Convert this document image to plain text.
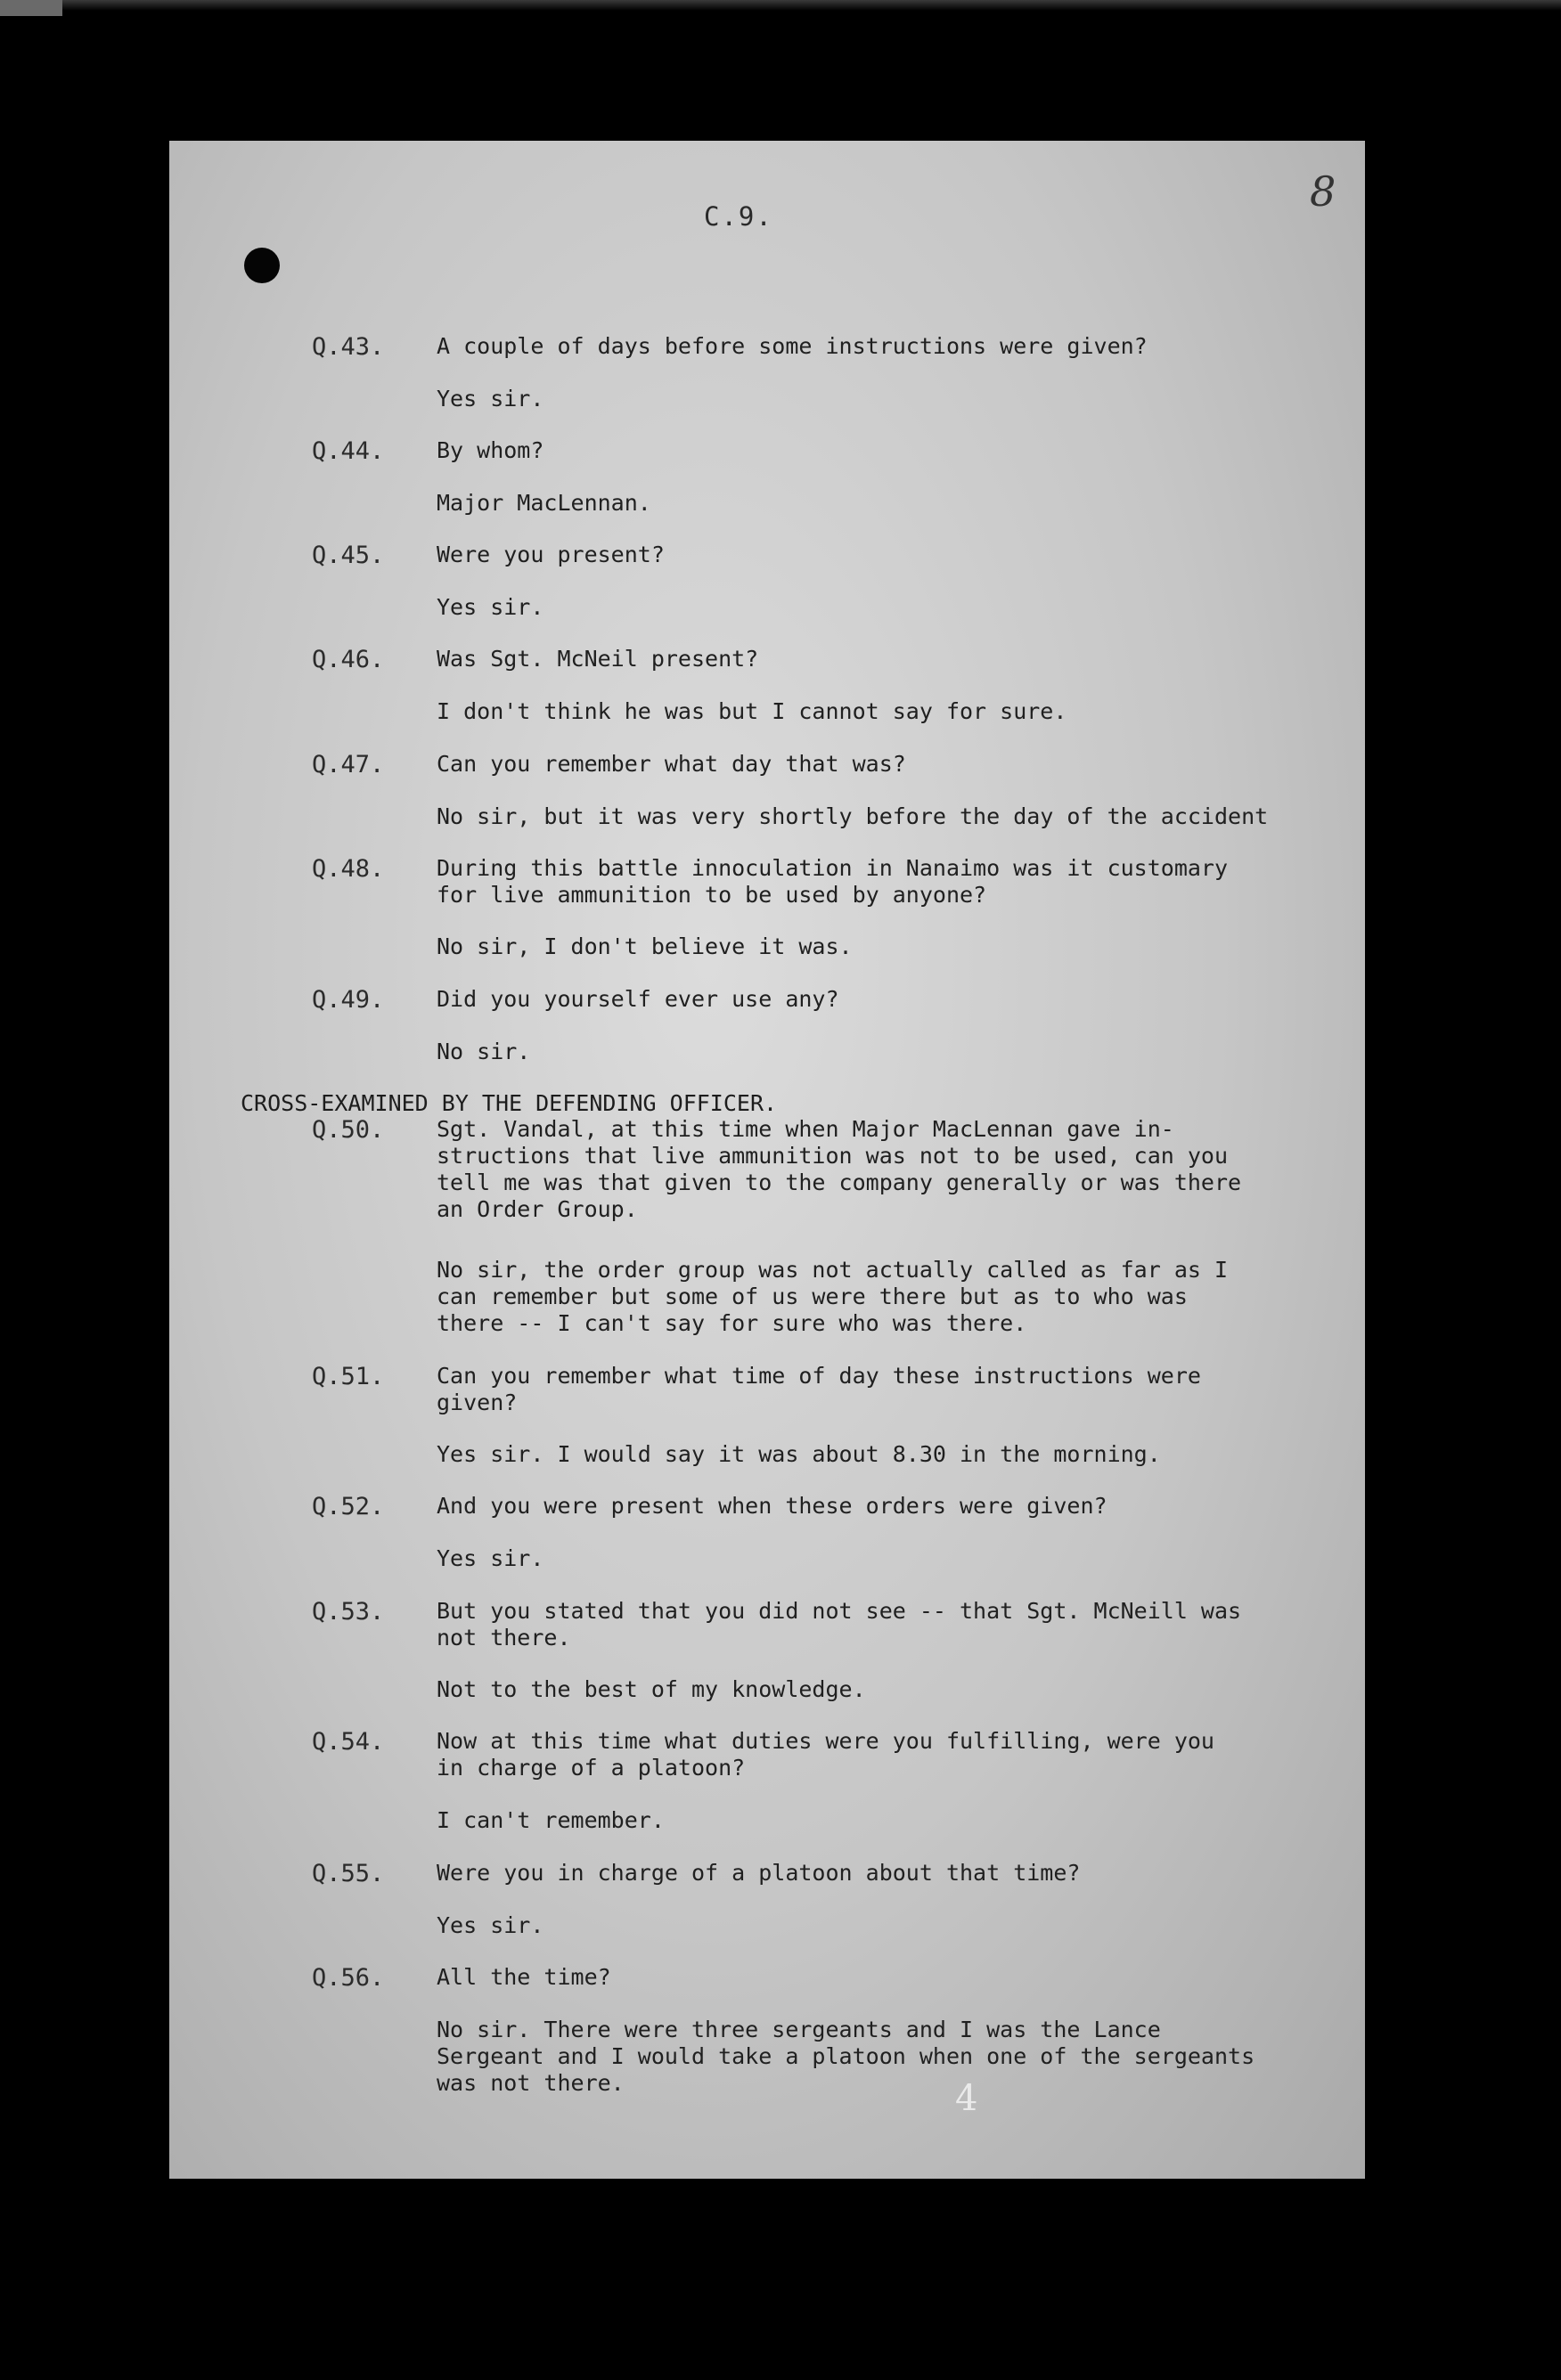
C.9.
8
Q.43. A couple of days before some instructions were given?
Yes sir.
Q.44. By whom?
Major MacLennan.
Q.45. Were you present?
Yes sir.
Q.46. Was Sgt. McNeil present?
I don't think he was but I cannot say for sure.
Q.47. Can you remember what day that was?
No sir, but it was very shortly before the day of the accident
Q.48. During this battle innoculation in Nanaimo was it customary
for live ammunition to be used by anyone?
No sir, I don't believe it was.
Q.49. Did you yourself ever use any?
No sir.
CROSS-EXAMINED BY THE DEFENDING OFFICER.
Q.50. Sgt. Vandal, at this time when Major MacLennan gave in-
structions that live ammunition was not to be used, can you
tell me was that given to the company generally or was there
an Order Group.
No sir, the order group was not actually called as far as I
can remember but some of us were there but as to who was
there -- I can't say for sure who was there.
Q.51. Can you remember what time of day these instructions were
given?
Yes sir. I would say it was about 8.30 in the morning.
Q.52. And you were present when these orders were given?
Yes sir.
Q.53. But you stated that you did not see -- that Sgt. McNeill was
not there.
Not to the best of my knowledge.
Q.54. Now at this time what duties were you fulfilling, were you
in charge of a platoon?
I can't remember.
Q.55. Were you in charge of a platoon about that time?
Yes sir.
Q.56. All the time?
No sir. There were three sergeants and I was the Lance
Sergeant and I would take a platoon when one of the sergeants
was not there.	4
